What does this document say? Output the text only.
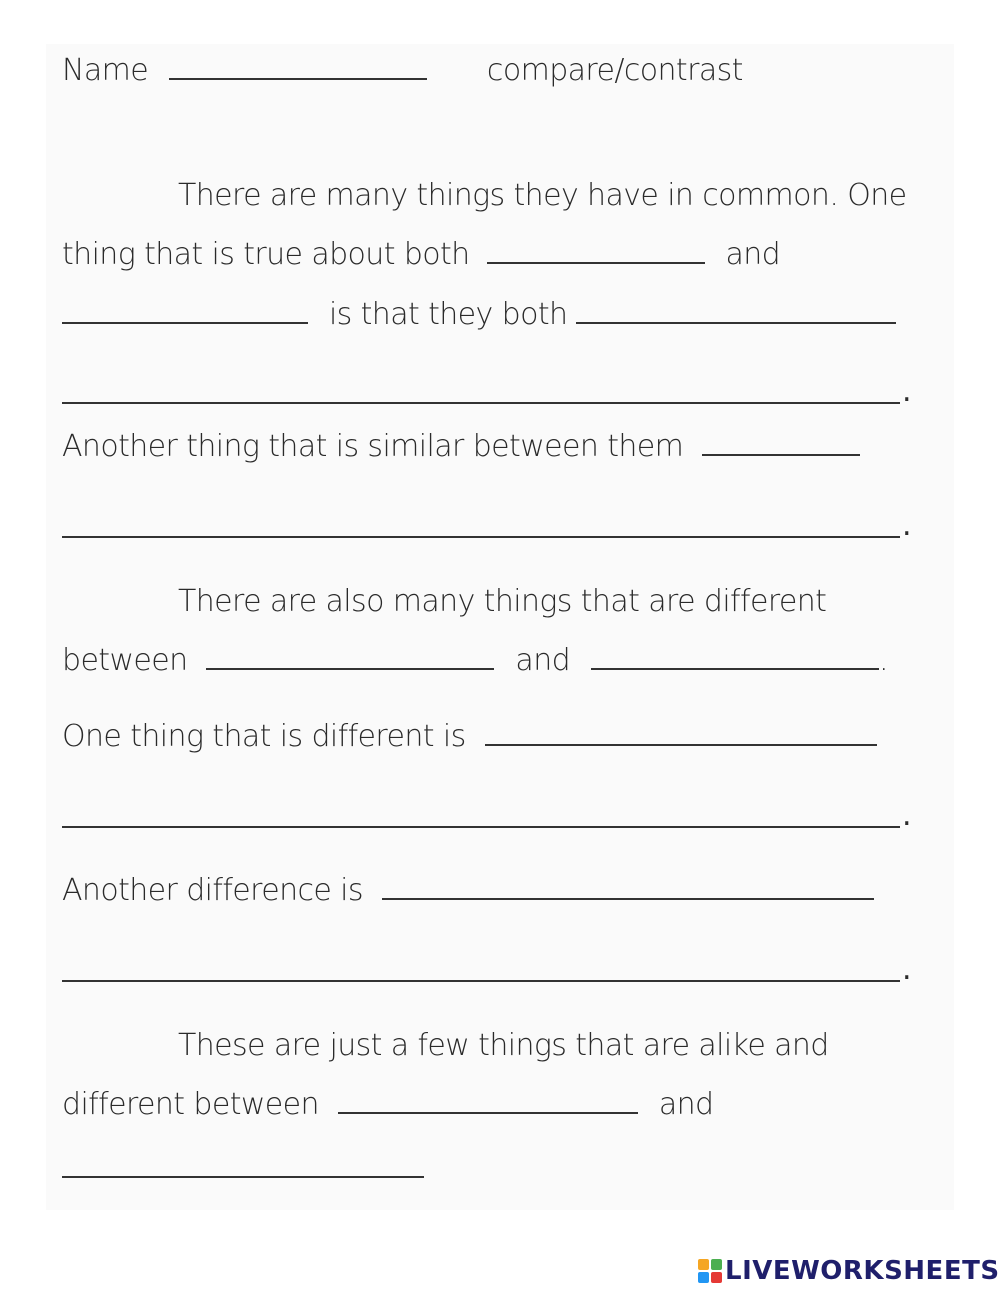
Name	compare/contrast
There are many things they have in common. One
thing that is true about both	and
is that they both
.
Another thing that is similar between them
.
There are also many things that are different
between	and	.
One thing that is different is
.
Another difference is
.
These are just a few things that are alike and
different between	and
LIVEWORKSHEETS
